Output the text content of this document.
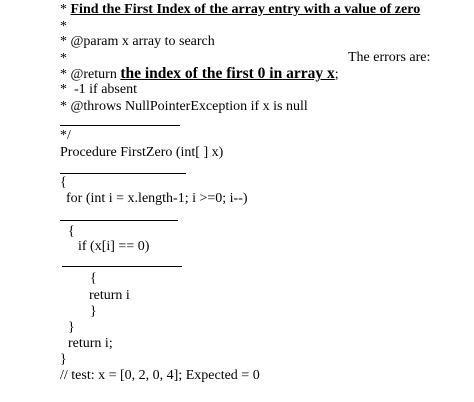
* Find the First Index of the array entry with a value of zero
*
* @param x array to search
*	The errors are:
* @return the index of the first 0 in array x;
*  -1 if absent
* @throws NullPointerException if x is null
*/
Procedure FirstZero (int[ ] x)
{
for (int i = x.length-1; i >=0; i--)
{
if (x[i] == 0)
{
return i
}
}
return i;
}
// test: x = [0, 2, 0, 4]; Expected = 0
